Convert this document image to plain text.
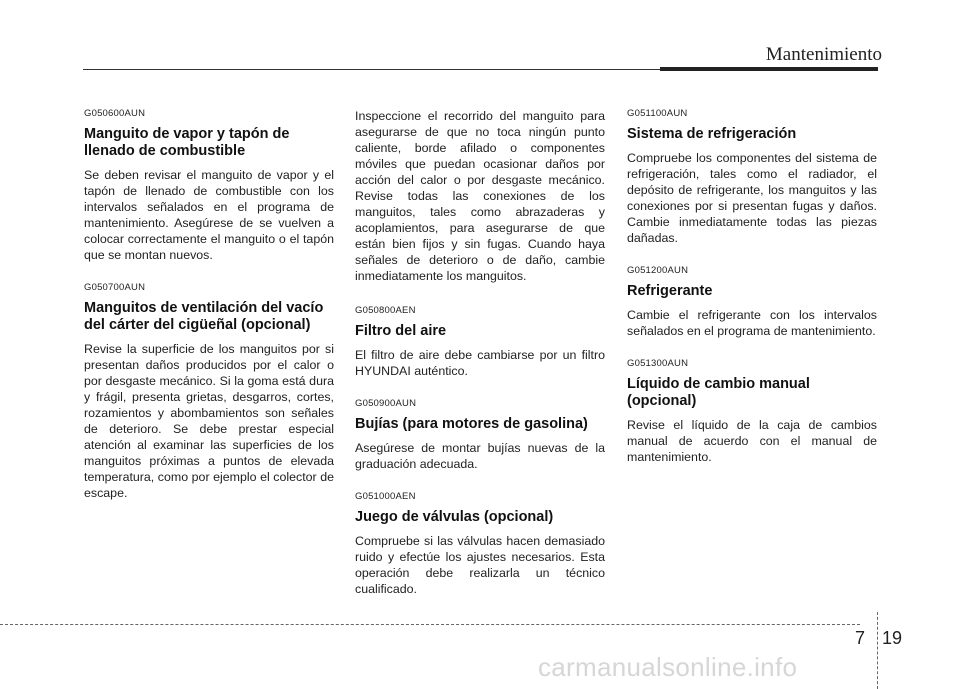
Mantenimiento
G050600AUN
Manguito de vapor y tapón de llenado de combustible

Se deben revisar el manguito de vapor y el tapón de llenado de combustible con los intervalos señalados en el programa de mantenimiento. Asegúrese de se vuelven a colocar correctamente el manguito o el tapón que se montan nuevos.

G050700AUN
Manguitos de ventilación del vacío del cárter del cigüeñal (opcional)

Revise la superficie de los manguitos por si presentan daños producidos por el calor o por desgaste mecánico. Si la goma está dura y frágil, presenta grietas, desgarros, cortes, rozamientos y abombamientos son señales de deterioro. Se debe prestar especial atención al examinar las superficies de los manguitos próximas a puntos de elevada temperatura, como por ejemplo el colector de escape.

Inspeccione el recorrido del manguito para asegurarse de que no toca ningún punto caliente, borde afilado o componentes móviles que puedan ocasionar daños por acción del calor o por desgaste mecánico. Revise todas las conexiones de los manguitos, tales como abrazaderas y acoplamientos, para asegurarse de que están bien fijos y sin fugas. Cuando haya señales de deterioro o de daño, cambie inmediatamente los manguitos.

G050800AEN
Filtro del aire

El filtro de aire debe cambiarse por un filtro HYUNDAI auténtico.

G050900AUN
Bujías (para motores de gasolina)

Asegúrese de montar bujías nuevas de la graduación adecuada.

G051000AEN
Juego de válvulas (opcional)

Compruebe si las válvulas hacen demasiado ruido y efectúe los ajustes necesarios. Esta operación debe realizarla un técnico cualificado.

G051100AUN
Sistema de refrigeración

Compruebe los componentes del sistema de refrigeración, tales como el radiador, el depósito de refrigerante, los manguitos y las conexiones por si presentan fugas y daños. Cambie inmediatamente todas las piezas dañadas.

G051200AUN
Refrigerante

Cambie el refrigerante con los intervalos señalados en el programa de mantenimiento.

G051300AUN
Líquido de cambio manual (opcional)

Revise el líquido de la caja de cambios manual de acuerdo con el manual de mantenimiento.

7 19
carmanualsonline.info
